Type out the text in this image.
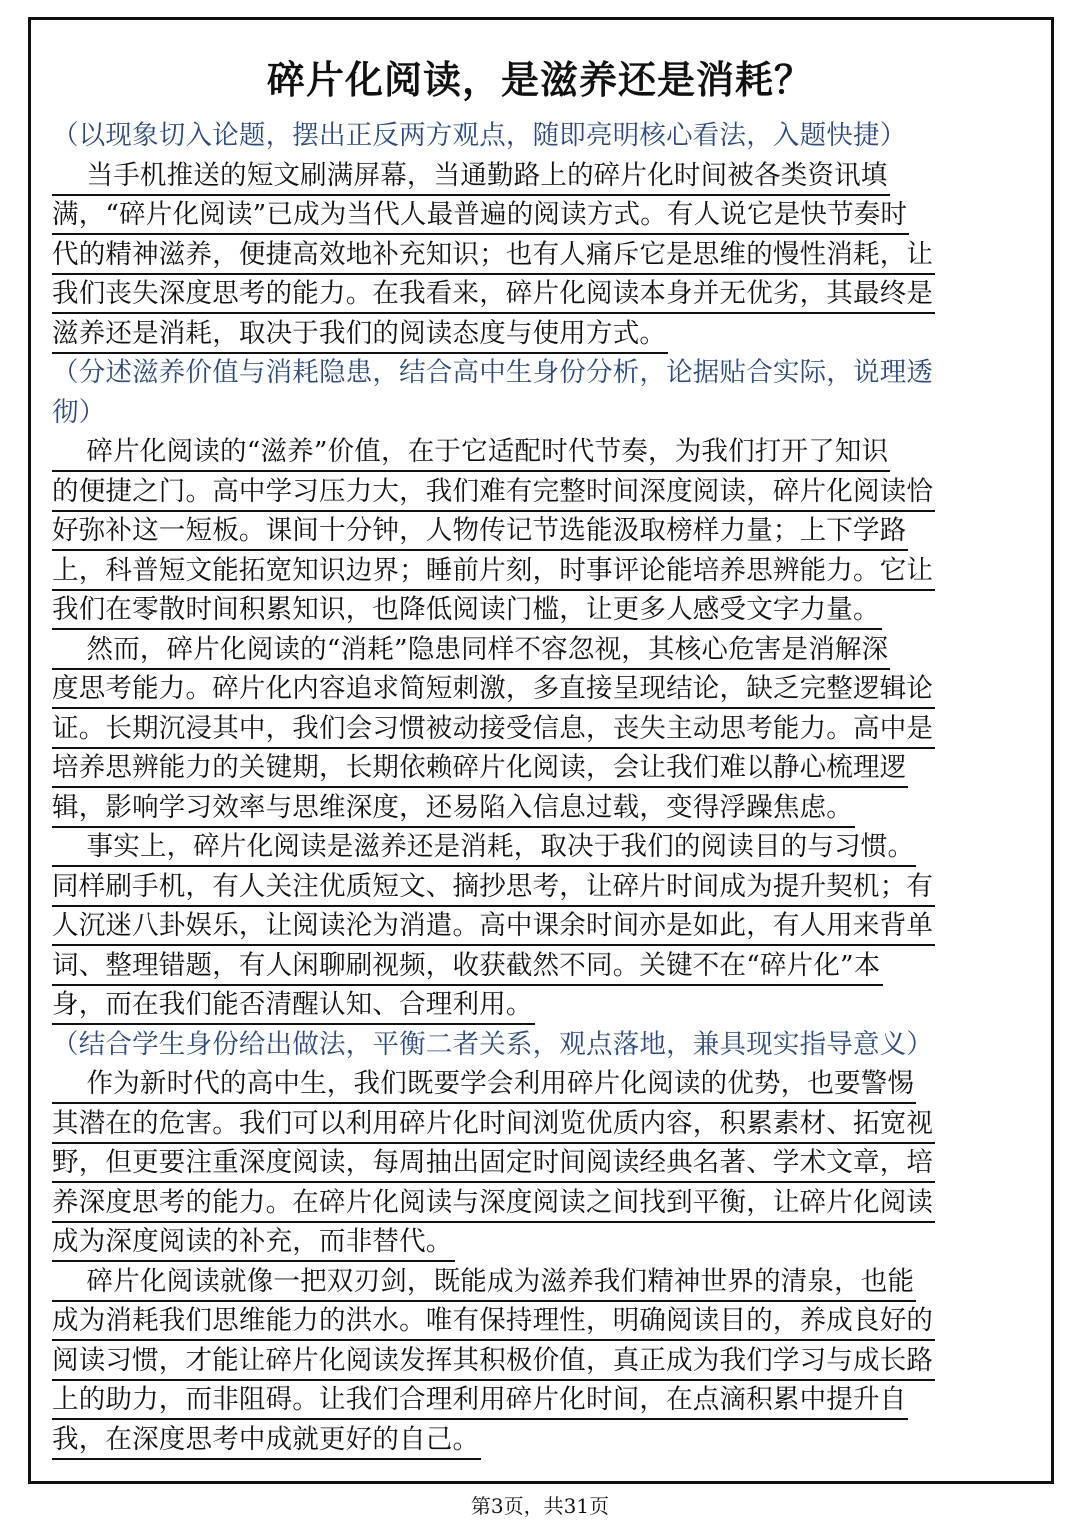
碎片化阅读，是滋养还是消耗？
（以现象切入论题，摆出正反两方观点，随即亮明核心看法，入题快捷）
当手机推送的短文刷满屏幕，当通勤路上的碎片化时间被各类资讯填
满，“碎片化阅读”已成为当代人最普遍的阅读方式。有人说它是快节奏时
代的精神滋养，便捷高效地补充知识；也有人痛斥它是思维的慢性消耗，让
我们丧失深度思考的能力。在我看来，碎片化阅读本身并无优劣，其最终是
滋养还是消耗，取决于我们的阅读态度与使用方式。
（分述滋养价值与消耗隐患，结合高中生身份分析，论据贴合实际，说理透
彻）
碎片化阅读的“滋养”价值，在于它适配时代节奏，为我们打开了知识
的便捷之门。高中学习压力大，我们难有完整时间深度阅读，碎片化阅读恰
好弥补这一短板。课间十分钟，人物传记节选能汲取榜样力量；上下学路
上，科普短文能拓宽知识边界；睡前片刻，时事评论能培养思辨能力。它让
我们在零散时间积累知识，也降低阅读门槛，让更多人感受文字力量。
然而，碎片化阅读的“消耗”隐患同样不容忽视，其核心危害是消解深
度思考能力。碎片化内容追求简短刺激，多直接呈现结论，缺乏完整逻辑论
证。长期沉浸其中，我们会习惯被动接受信息，丧失主动思考能力。高中是
培养思辨能力的关键期，长期依赖碎片化阅读，会让我们难以静心梳理逻
辑，影响学习效率与思维深度，还易陷入信息过载，变得浮躁焦虑。
事实上，碎片化阅读是滋养还是消耗，取决于我们的阅读目的与习惯。
同样刷手机，有人关注优质短文、摘抄思考，让碎片时间成为提升契机；有
人沉迷八卦娱乐，让阅读沦为消遣。高中课余时间亦是如此，有人用来背单
词、整理错题，有人闲聊刷视频，收获截然不同。关键不在“碎片化”本
身，而在我们能否清醒认知、合理利用。
（结合学生身份给出做法，平衡二者关系，观点落地，兼具现实指导意义）
作为新时代的高中生，我们既要学会利用碎片化阅读的优势，也要警惕
其潜在的危害。我们可以利用碎片化时间浏览优质内容，积累素材、拓宽视
野，但更要注重深度阅读，每周抽出固定时间阅读经典名著、学术文章，培
养深度思考的能力。在碎片化阅读与深度阅读之间找到平衡，让碎片化阅读
成为深度阅读的补充，而非替代。
碎片化阅读就像一把双刃剑，既能成为滋养我们精神世界的清泉，也能
成为消耗我们思维能力的洪水。唯有保持理性，明确阅读目的，养成良好的
阅读习惯，才能让碎片化阅读发挥其积极价值，真正成为我们学习与成长路
上的助力，而非阻碍。让我们合理利用碎片化时间，在点滴积累中提升自
我，在深度思考中成就更好的自己。
第3页，共31页
